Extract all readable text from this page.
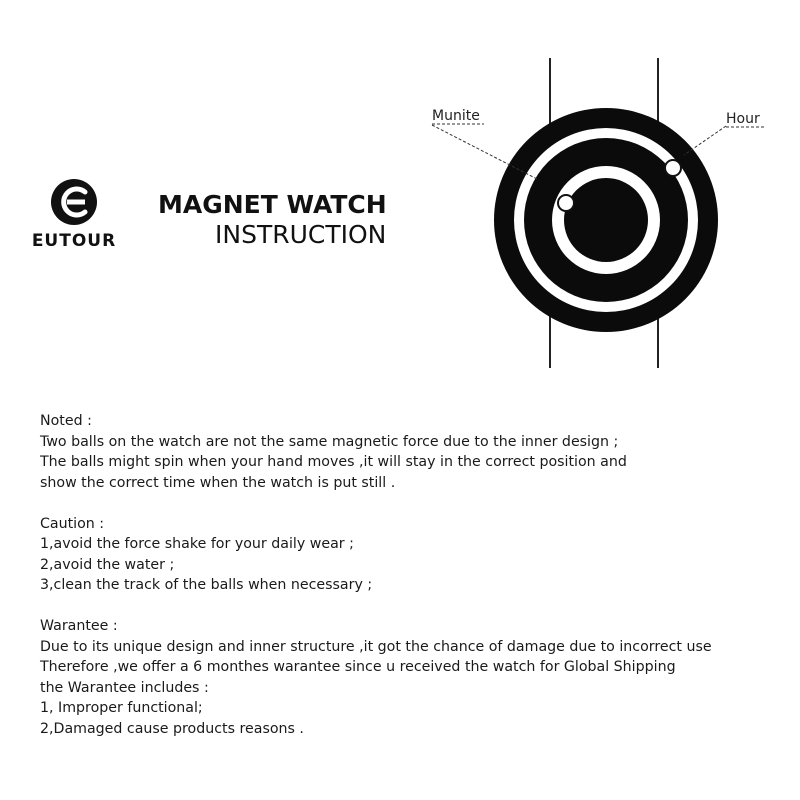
EUTOUR
MAGNET WATCH
INSTRUCTION
Munite	Hour
Noted :
Two balls on the watch are not the same magnetic force due to the inner design ;
The balls might spin when your hand moves ,it will stay in the correct position and
show the correct time when the watch is put still .
Caution :
1,avoid the force shake for your daily wear ;
2,avoid the water ;
3,clean the track of the balls when necessary ;
Warantee :
Due to its unique design and inner structure ,it got the chance of damage due to incorrect use
Therefore ,we offer a 6 monthes warantee since u received the watch for Global Shipping
the Warantee includes :
1, Improper functional;
2,Damaged cause products reasons .
